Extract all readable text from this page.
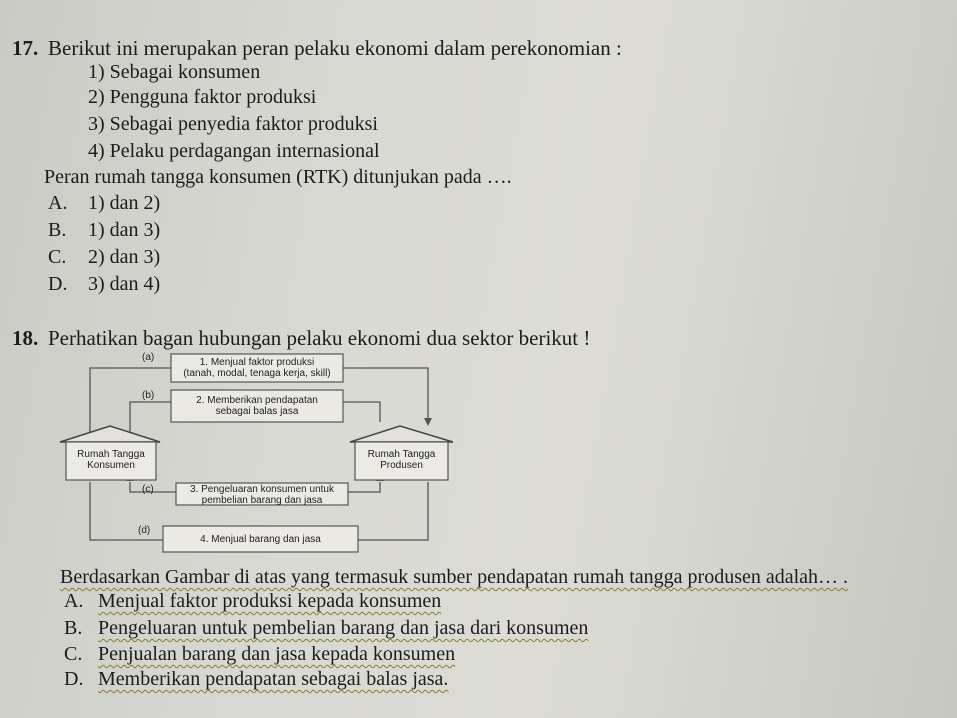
17. Berikut ini merupakan peran pelaku ekonomi dalam perekonomian :
1) Sebagai konsumen
2) Pengguna faktor produksi
3) Sebagai penyedia faktor produksi
4) Pelaku perdagangan internasional
Peran rumah tangga konsumen (RTK) ditunjukan pada ….
A. 1) dan 2)
B. 1) dan 3)
C. 2) dan 3)
D. 3) dan 4)
18. Perhatikan bagan hubungan pelaku ekonomi dua sektor berikut !
(a)
(b)
(c)
(d)
1. Menjual faktor produksi
(tanah, modal, tenaga kerja, skill)
2. Memberikan pendapatan
sebagai balas jasa
3. Pengeluaran konsumen untuk
pembelian barang dan jasa
4. Menjual barang dan jasa
Rumah Tangga
Konsumen
Rumah Tangga
Produsen
Berdasarkan Gambar di atas yang termasuk sumber pendapatan rumah tangga produsen adalah… .
A. Menjual faktor produksi kepada konsumen
B. Pengeluaran untuk pembelian barang dan jasa dari konsumen
C. Penjualan barang dan jasa kepada konsumen
D. Memberikan pendapatan sebagai balas jasa.
